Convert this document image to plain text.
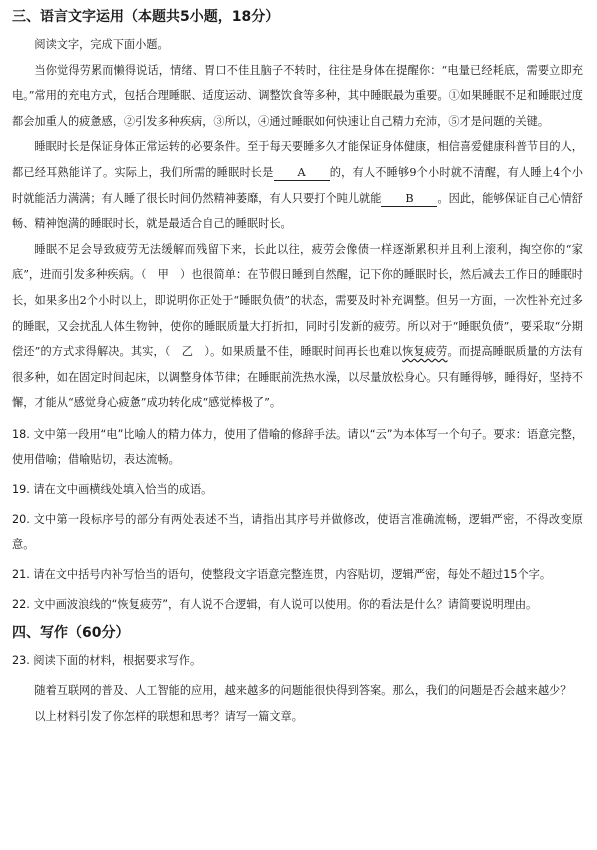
三、语言文字运用（本题共5小题，18分）

阅读文字，完成下面小题。

当你觉得劳累而懒得说话，情绪、胃口不佳且脑子不转时，往往是身体在提醒你：“电量已经耗底，需要立即充电。”常用的充电方式，包括合理睡眠、适度运动、调整饮食等多种，其中睡眠最为重要。①如果睡眠不足和睡眠过度都会加重人的疲惫感，②引发多种疾病，③所以，④通过睡眠如何快速让自己精力充沛，⑤才是问题的关键。

睡眠时长是保证身体正常运转的必要条件。至于每天要睡多久才能保证身体健康，相信喜爱健康科普节目的人，都已经耳熟能详了。实际上，我们所需的睡眠时长是 A 的，有人不睡够9个小时就不清醒，有人睡上4个小时就能活力满满；有人睡了很长时间仍然精神萎靡，有人只要打个盹儿就能 B 。因此，能够保证自己心情舒畅、精神饱满的睡眠时长，就是最适合自己的睡眠时长。

睡眠不足会导致疲劳无法缓解而残留下来，长此以往，疲劳会像债一样逐渐累积并且利上滚利，掏空你的“家底”，进而引发多种疾病。（　甲　）也很简单：在节假日睡到自然醒，记下你的睡眠时长，然后减去工作日的睡眠时长，如果多出2个小时以上，即说明你正处于“睡眠负债”的状态，需要及时补充调整。但另一方面，一次性补充过多的睡眠，又会扰乱人体生物钟，使你的睡眠质量大打折扣，同时引发新的疲劳。所以对于“睡眠负债”，要采取“分期偿还”的方式求得解决。其实，（　乙　）。如果质量不佳，睡眠时间再长也难以恢复疲劳。而提高睡眠质量的方法有很多种，如在固定时间起床，以调整身体节律；在睡眠前洗热水澡，以尽量放松身心。只有睡得够，睡得好，坚持不懈，才能从“感觉身心疲惫”成功转化成“感觉棒极了”。

18. 文中第一段用“电”比喻人的精力体力，使用了借喻的修辞手法。请以“云”为本体写一个句子。要求：语意完整，使用借喻；借喻贴切，表达流畅。

19. 请在文中画横线处填入恰当的成语。

20. 文中第一段标序号的部分有两处表述不当，请指出其序号并做修改，使语言准确流畅，逻辑严密，不得改变原意。

21. 请在文中括号内补写恰当的语句，使整段文字语意完整连贯，内容贴切，逻辑严密，每处不超过15个字。

22. 文中画波浪线的“恢复疲劳”，有人说不合逻辑，有人说可以使用。你的看法是什么？请简要说明理由。

四、写作（60分）

23. 阅读下面的材料，根据要求写作。

随着互联网的普及、人工智能的应用，越来越多的问题能很快得到答案。那么，我们的问题是否会越来越少？

以上材料引发了你怎样的联想和思考？请写一篇文章。
